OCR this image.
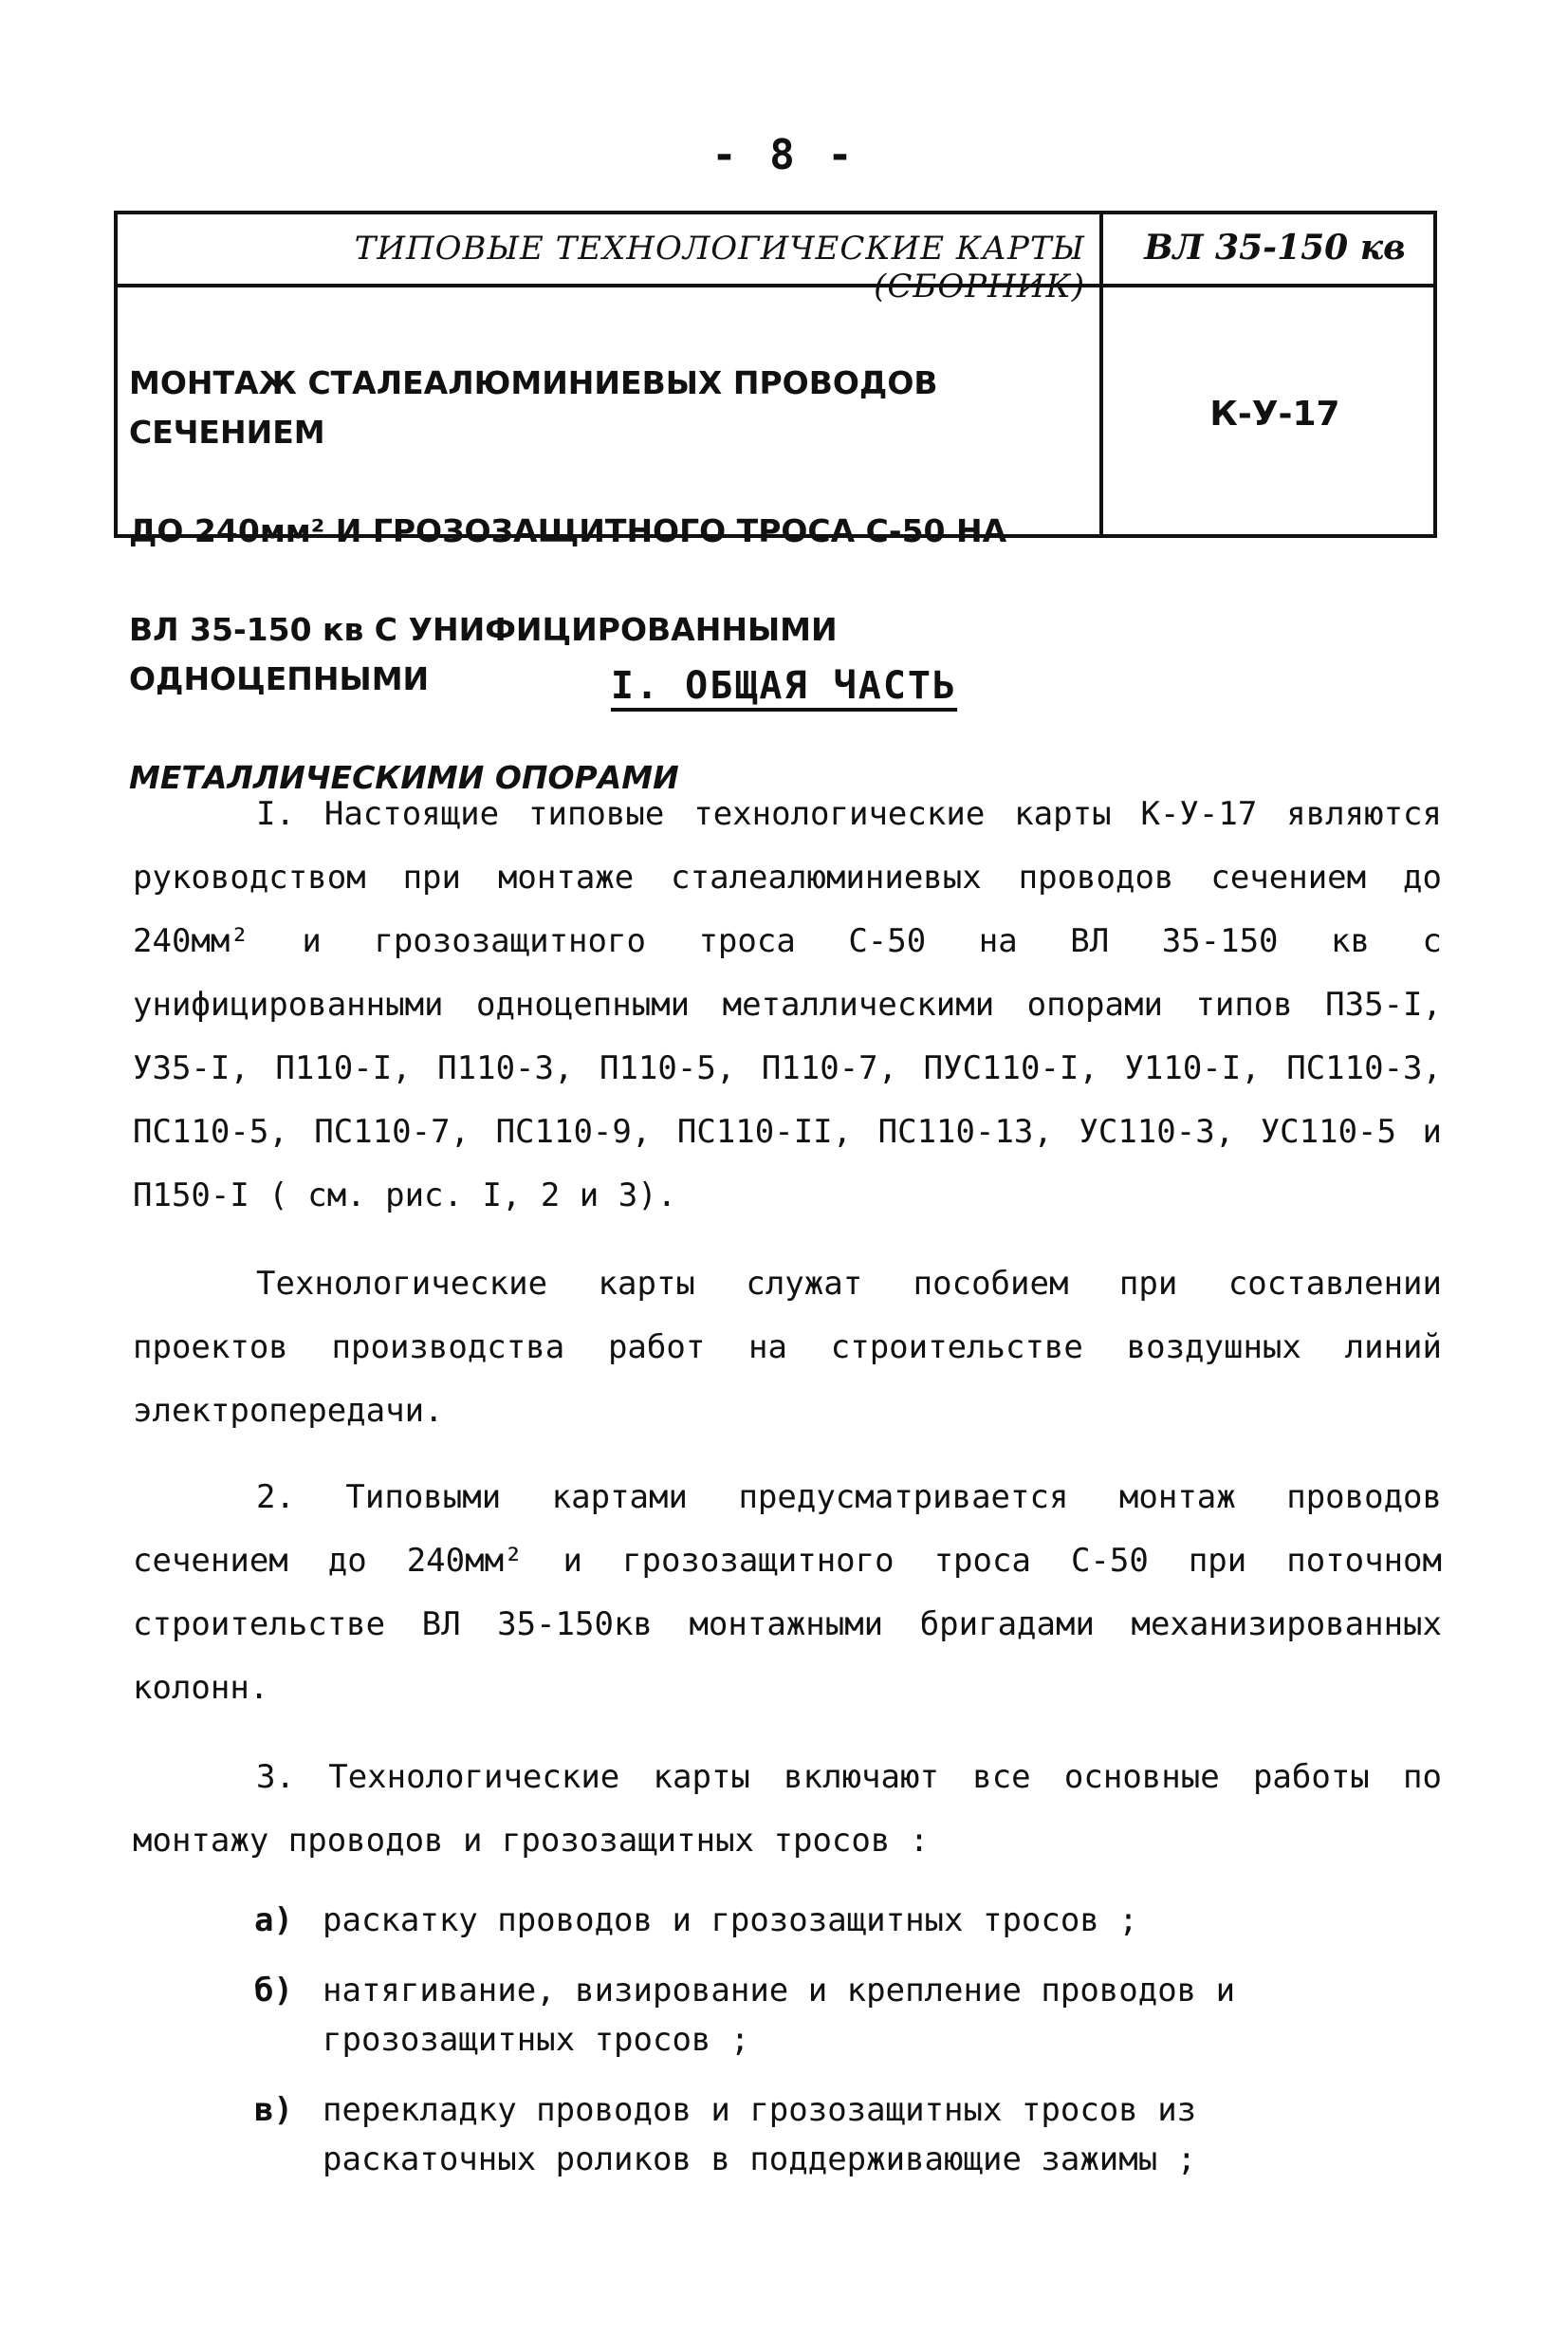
- 8 -
ТИПОВЫЕ ТЕХНОЛОГИЧЕСКИЕ КАРТЫ (СБОРНИК)
ВЛ 35-150 кв

МОНТАЖ СТАЛЕАЛЮМИНИЕВЫХ ПРОВОДОВ СЕЧЕНИЕМ

ДО 240мм² И ГРОЗОЗАЩИТНОГО ТРОСА С-50 НА

ВЛ 35-150 кв С УНИФИЦИРОВАННЫМИ ОДНОЦЕПНЫМИ

МЕТАЛЛИЧЕСКИМИ ОПОРАМИ

К-У-17
I. ОБЩАЯ ЧАСТЬ
I. Настоящие типовые технологические карты К-У-17 являются руководством при монтаже сталеалюминиевых проводов сечением до 240мм² и грозозащитного троса С-50 на ВЛ 35-150 кв с унифицированными одноцепными металлическими опорами типов П35-I, У35-I, П110-I, П110-3, П110-5, П110-7, ПУС110-I, У110-I, ПС110-3, ПС110-5, ПС110-7, ПС110-9, ПС110-II, ПС110-13, УС110-3, УС110-5 и П150-I ( см. рис. I, 2 и 3).
Технологические карты служат пособием при составлении проектов производства работ на строительстве воздушных линий электропередачи.
2. Типовыми картами предусматривается монтаж проводов сечением до 240мм² и грозозащитного троса С-50 при поточном строительстве ВЛ 35-150кв монтажными бригадами механизированных колонн.
3. Технологические карты включают все основные работы по монтажу проводов и грозозащитных тросов :
а) раскатку проводов и грозозащитных тросов ;
б) натягивание, визирование и крепление проводов и грозозащитных тросов ;
в) перекладку проводов и грозозащитных тросов из раскаточных роликов в поддерживающие зажимы ;
